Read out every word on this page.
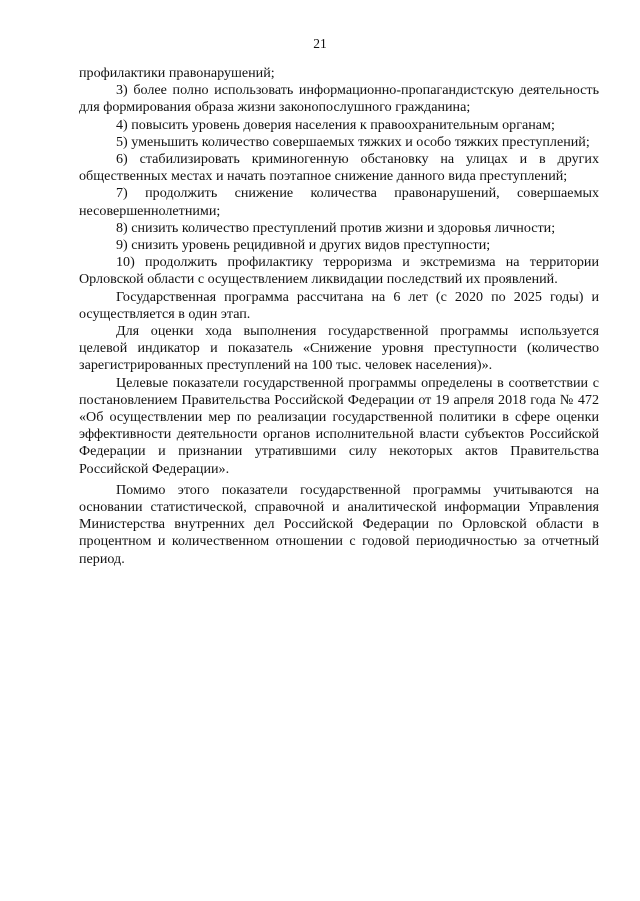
21

профилактики правонарушений;

3) более полно использовать информационно-пропагандистскую деятельность для формирования образа жизни законопослушного гражданина;

4) повысить уровень доверия населения к правоохранительным органам;

5) уменьшить количество совершаемых тяжких и особо тяжких преступлений;

6) стабилизировать криминогенную обстановку на улицах и в других общественных местах и начать поэтапное снижение данного вида преступлений;

7) продолжить снижение количества правонарушений, совершаемых несовершеннолетними;

8) снизить количество преступлений против жизни и здоровья личности;

9) снизить уровень рецидивной и других видов преступности;

10) продолжить профилактику терроризма и экстремизма на территории Орловской области с осуществлением ликвидации последствий их проявлений.

Государственная программа рассчитана на 6 лет (с 2020 по 2025 годы) и осуществляется в один этап.

Для оценки хода выполнения государственной программы используется целевой индикатор и показатель «Снижение уровня преступности (количество зарегистрированных преступлений на 100 тыс. человек населения)».

Целевые показатели государственной программы определены в соответствии с постановлением Правительства Российской Федерации от 19 апреля 2018 года № 472 «Об осуществлении мер по реализации государственной политики в сфере оценки эффективности деятельности органов исполнительной власти субъектов Российской Федерации и признании утратившими силу некоторых актов Правительства Российской Федерации».

Помимо этого показатели государственной программы учитываются на основании статистической, справочной и аналитической информации Управления Министерства внутренних дел Российской Федерации по Орловской области в процентном и количественном отношении с годовой периодичностью за отчетный период.
